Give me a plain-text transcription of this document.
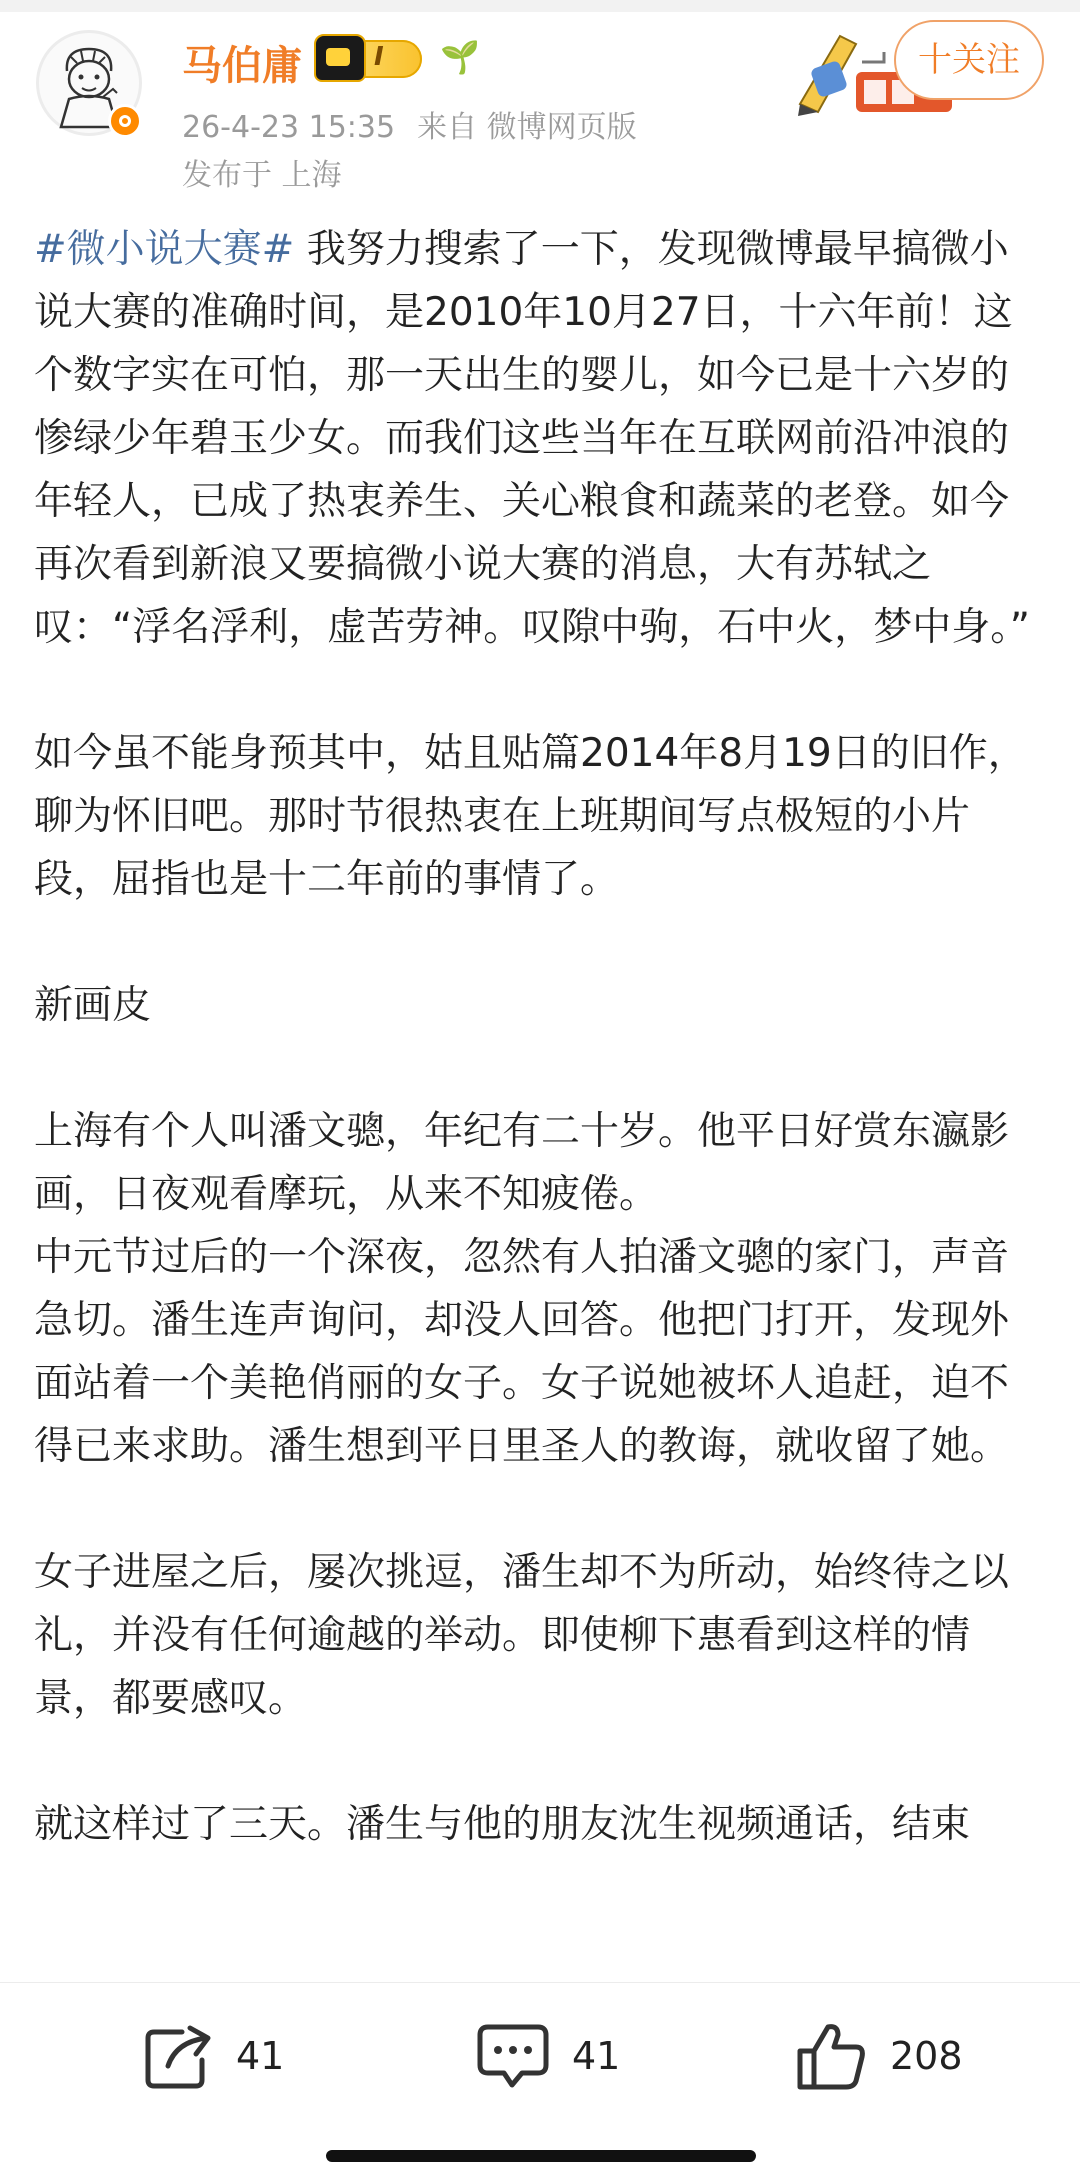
马伯庸	I 🌱
26-4-23 15:35 来自 微博网页版
发布于 上海
十关注

#微小说大赛# 我努力搜索了一下，发现微博最早搞微小说大赛的准确时间，是2010年10月27日，十六年前！这个数字实在可怕，那一天出生的婴儿，如今已是十六岁的惨绿少年碧玉少女。而我们这些当年在互联网前沿冲浪的年轻人，已成了热衷养生、关心粮食和蔬菜的老登。如今再次看到新浪又要搞微小说大赛的消息，大有苏轼之叹：“浮名浮利，虚苦劳神。叹隙中驹，石中火，梦中身。”

如今虽不能身预其中，姑且贴篇2014年8月19日的旧作，聊为怀旧吧。那时节很热衷在上班期间写点极短的小片段，屈指也是十二年前的事情了。

新画皮

上海有个人叫潘文骢，年纪有二十岁。他平日好赏东瀛影画，日夜观看摩玩，从来不知疲倦。

中元节过后的一个深夜，忽然有人拍潘文骢的家门，声音急切。潘生连声询问，却没人回答。他把门打开，发现外面站着一个美艳俏丽的女子。女子说她被坏人追赶，迫不得已来求助。潘生想到平日里圣人的教诲，就收留了她。

女子进屋之后，屡次挑逗，潘生却不为所动，始终待之以礼，并没有任何逾越的举动。即使柳下惠看到这样的情景，都要感叹。

就这样过了三天。潘生与他的朋友沈生视频通话，结束

41	41	208
